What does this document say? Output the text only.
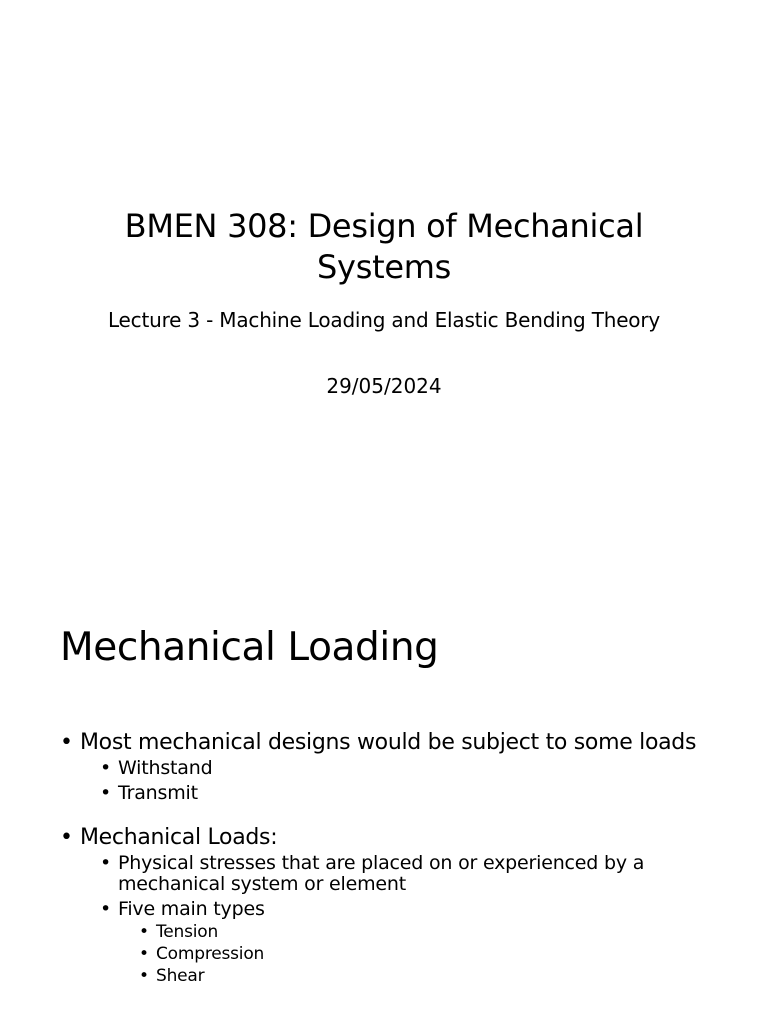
BMEN 308: Design of Mechanical Systems
Lecture 3 - Machine Loading and Elastic Bending Theory
29/05/2024
Mechanical Loading
• Most mechanical designs would be subject to some loads
• Withstand
• Transmit
• Mechanical Loads:
• Physical stresses that are placed on or experienced by a mechanical system or element
• Five main types
• Tension
• Compression
• Shear
